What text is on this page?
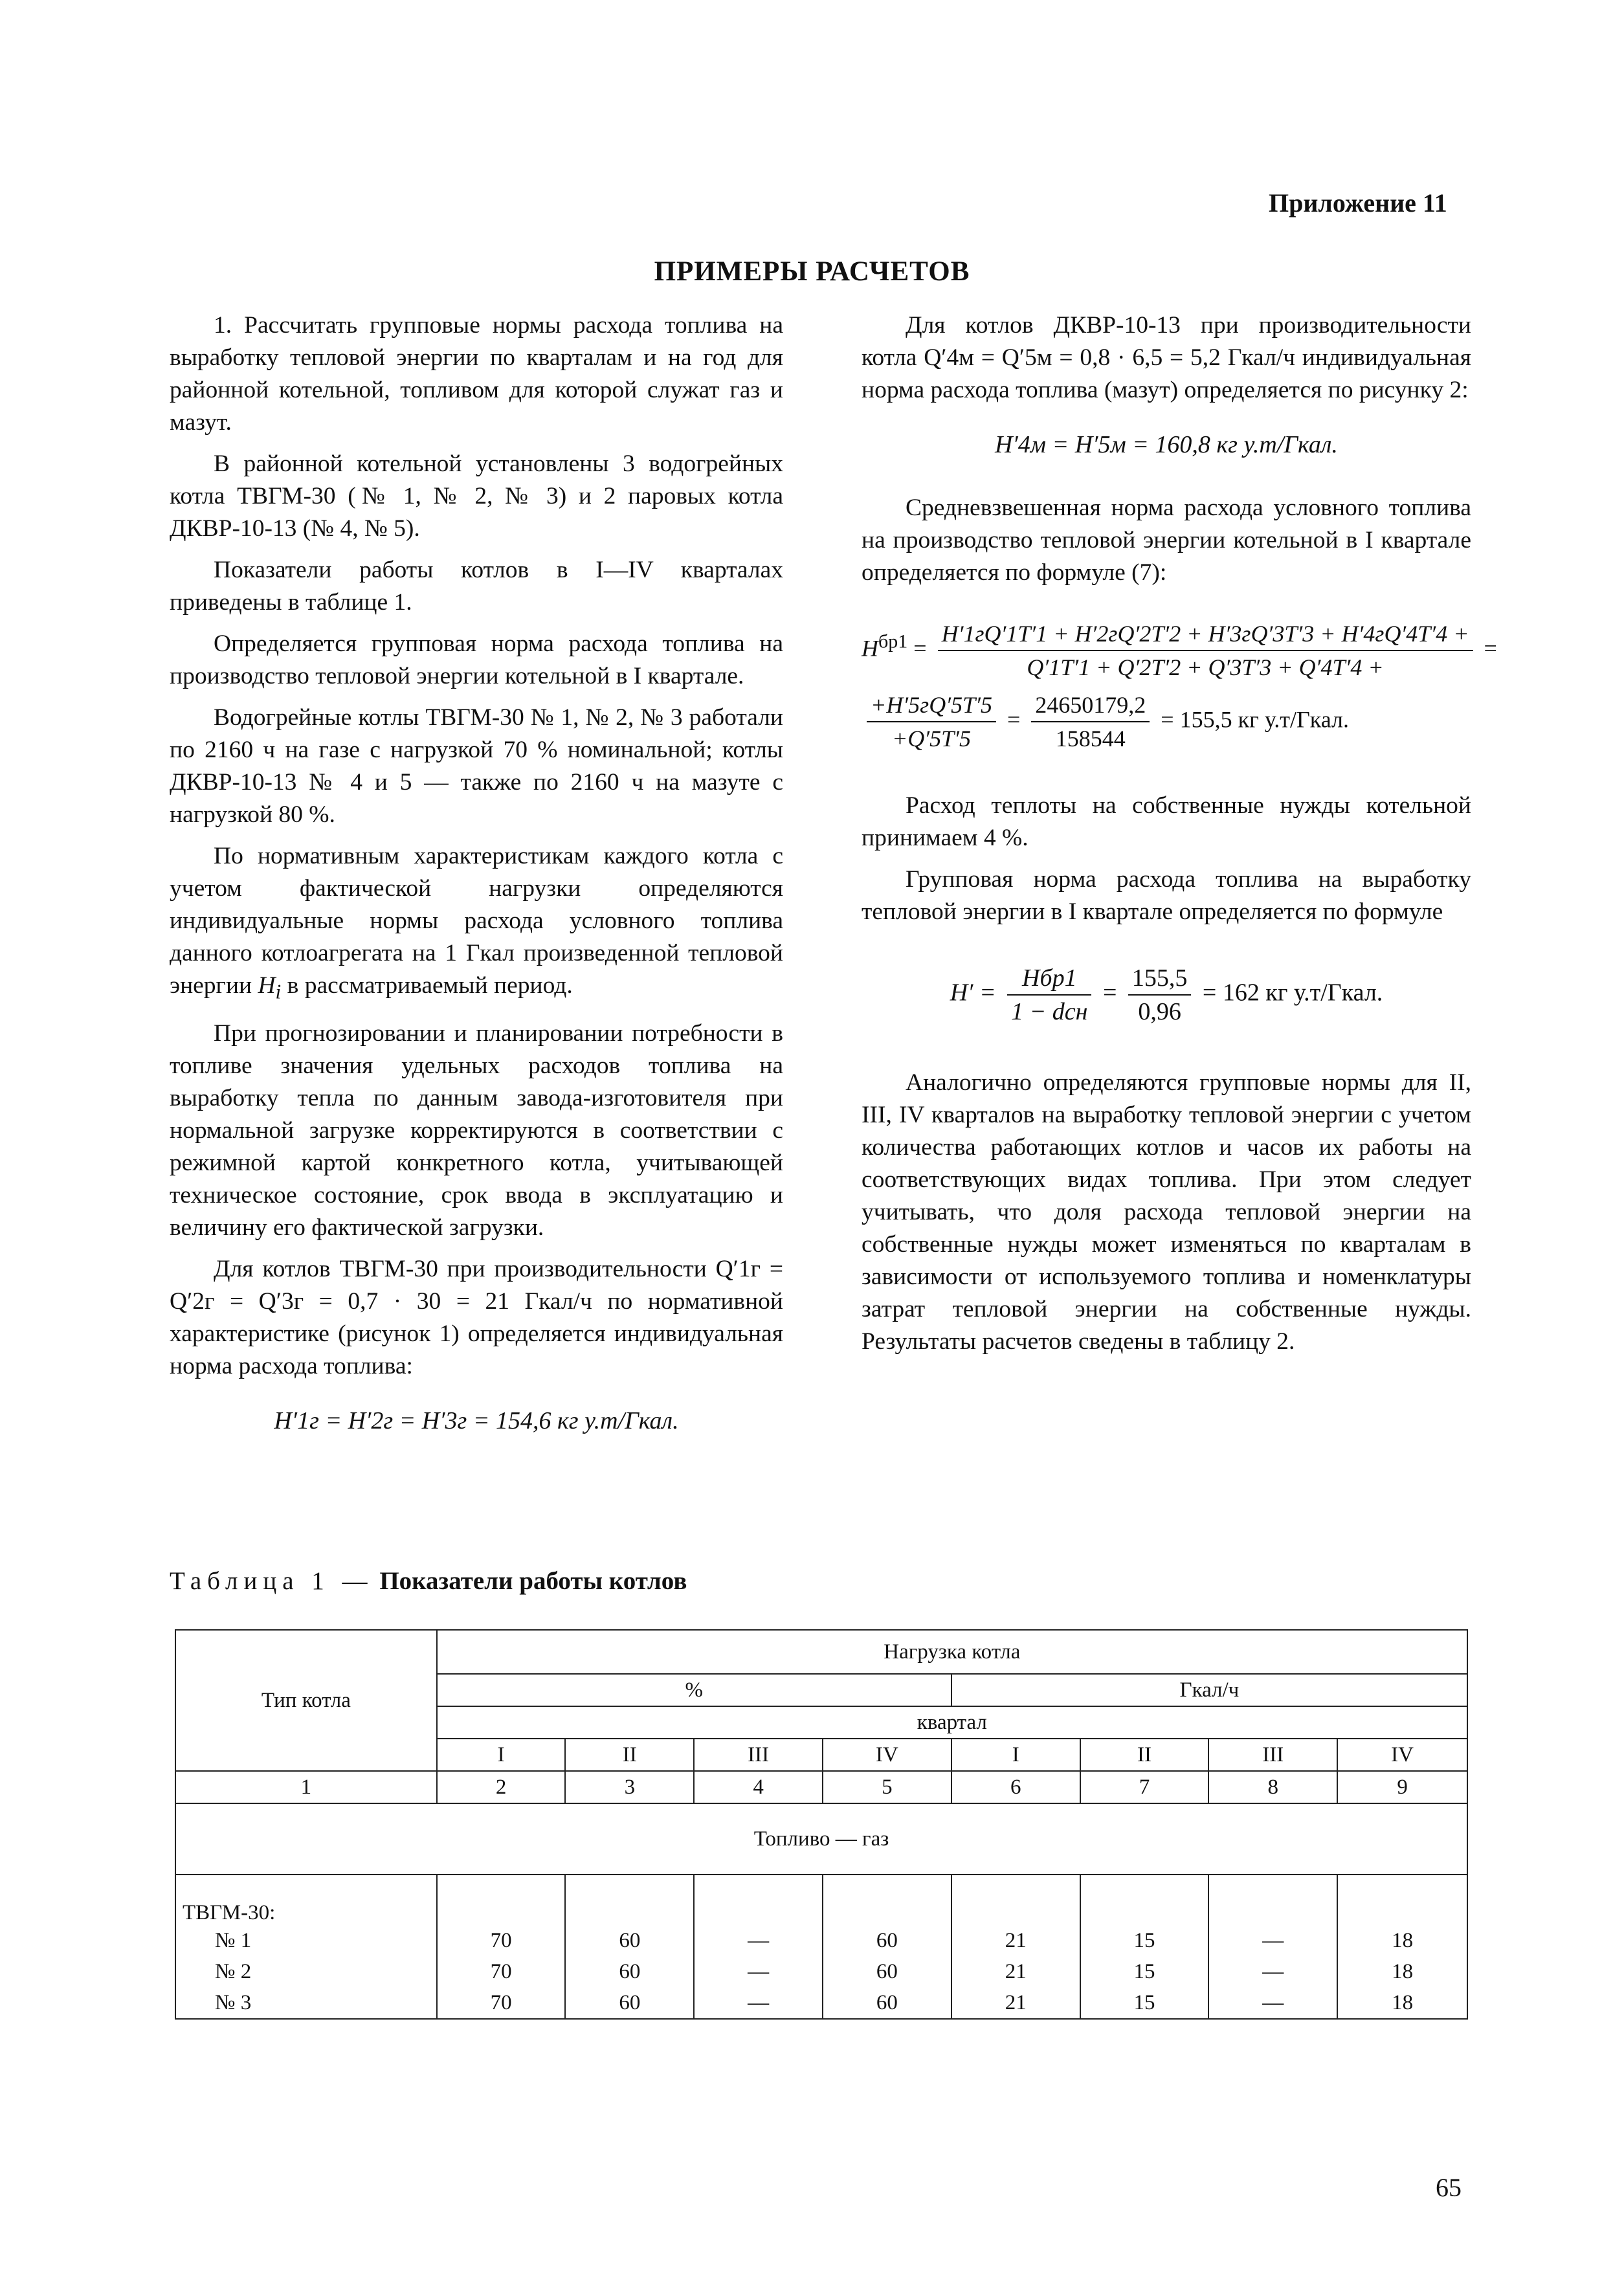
Приложение 11
ПРИМЕРЫ РАСЧЕТОВ

1. Рассчитать групповые нормы расхода топлива на выработку тепловой энергии по кварталам и на год для районной котельной, топливом для которой служат газ и мазут.

В районной котельной установлены 3 водогрейных котла ТВГМ-30 (№ 1, № 2, № 3) и 2 паровых котла ДКВР-10-13 (№ 4, № 5).

Показатели работы котлов в I—IV кварталах приведены в таблице 1.

Определяется групповая норма расхода топлива на производство тепловой энергии котельной в I квартале.

Водогрейные котлы ТВГМ-30 № 1, № 2, № 3 работали по 2160 ч на газе с нагрузкой 70 % номинальной; котлы ДКВР-10-13 № 4 и 5 — также по 2160 ч на мазуте с нагрузкой 80 %.

По нормативным характеристикам каждого котла с учетом фактической нагрузки определяются индивидуальные нормы расхода условного топлива данного котлоагрегата на 1 Гкал произведенной тепловой энергии $H_i$ в рассматриваемый период.

При прогнозировании и планировании потребности в топливе значения удельных расходов топлива на выработку тепла по данным завода-изготовителя при нормальной загрузке корректируются в соответствии с режимной картой конкретного котла, учитывающей техническое состояние, срок ввода в эксплуатацию и величину его фактической загрузки.

Для котлов ТВГМ-30 при производительности Q′1г = Q′2г = Q′3г = 0,7 · 30 = 21 Гкал/ч по нормативной характеристике (рисунок 1) определяется индивидуальная норма расхода топлива:

H′1г = H′2г = H′3г = 154,6 кг у.т/Гкал.

Для котлов ДКВР-10-13 при производительности котла Q′4м = Q′5м = 0,8 · 6,5 = 5,2 Гкал/ч индивидуальная норма расхода топлива (мазут) определяется по рисунку 2:

H′4м = H′5м = 160,8 кг у.т/Гкал.

Средневзвешенная норма расхода условного топлива на производство тепловой энергии котельной в I квартале определяется по формуле (7):

$H^{бр1} = \frac{H'1гQ'1T'1 + H'2гQ'2T'2 + H'3гQ'3T'3 + H'4гQ'4T'4 +}{Q'1T'1 + Q'2T'2 + Q'3T'3 + Q'4T'4 +}$ =
$\frac{+H'5гQ'5T'5}{+Q'5T'5} = \frac{24650179,2}{158544} = 155,5$ кг у.т/Гкал.

Расход теплоты на собственные нужды котельной принимаем 4 %.

Групповая норма расхода топлива на выработку тепловой энергии в I квартале определяется по формуле

$H' = \frac{\text{Hбр1}}{\text{1 − dсн}} = \frac{155,5}{0,96} = 162$ кг у.т/Гкал.

Аналогично определяются групповые нормы для II, III, IV кварталов на выработку тепловой энергии с учетом количества работающих котлов и часов их работы на соответствующих видах топлива. При этом следует учитывать, что доля расхода тепловой энергии на собственные нужды может изменяться по кварталам в зависимости от используемого топлива и номенклатуры затрат тепловой энергии на собственные нужды. Результаты расчетов сведены в таблицу 2.

Таблица 1 — Показатели работы котлов
Тип котла	Нагрузка котла							
	%				Гкал/ч			
	квартал							
	I	II	III	IV	I	II	III	IV
1	2	3	4	5	6	7	8	9
Топливо — газ								
ТВГМ-30:								
№ 1	70	60	—	60	21	15	—	18
№ 2	70	60	—	60	21	15	—	18
№ 3	70	60	—	60	21	15	—	18
65
